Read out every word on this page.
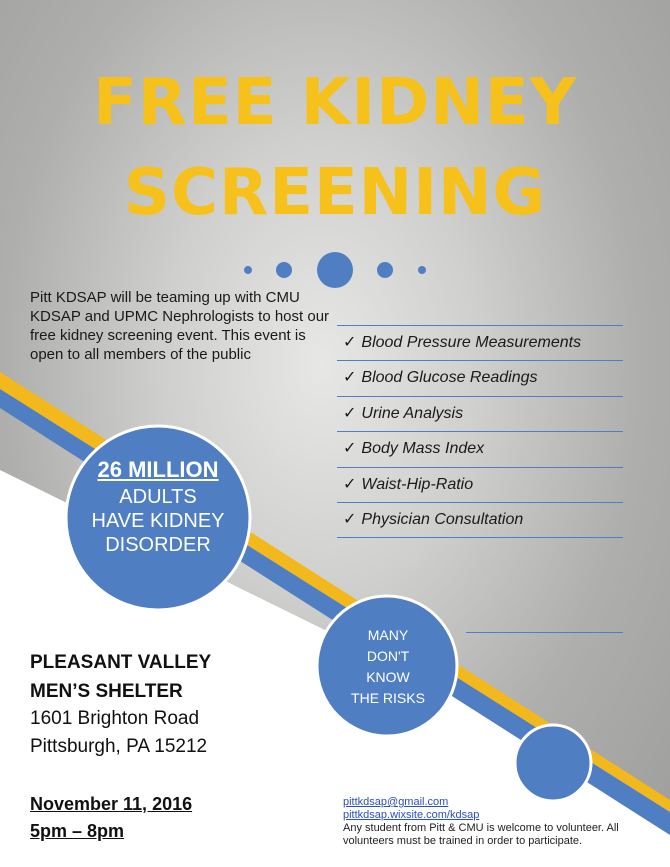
FREE KIDNEY
SCREENING
Pitt KDSAP will be teaming up with CMU KDSAP and UPMC Nephrologists to host our free kidney screening event. This event is open to all members of the public
✓ Blood Pressure Measurements
✓ Blood Glucose Readings
✓ Urine Analysis
✓ Body Mass Index
✓ Waist-Hip-Ratio
✓ Physician Consultation
26 MILLION
ADULTS
HAVE KIDNEY
DISORDER
MANY
DON'T
KNOW
THE RISKS
PLEASANT VALLEY
MEN’S SHELTER
1601 Brighton Road
Pittsburgh, PA 15212
November 11, 2016
5pm – 8pm
pittkdsap@gmail.com
pittkdsap.wixsite.com/kdsap
Any student from Pitt & CMU is welcome to volunteer. All volunteers must be trained in order to participate.
